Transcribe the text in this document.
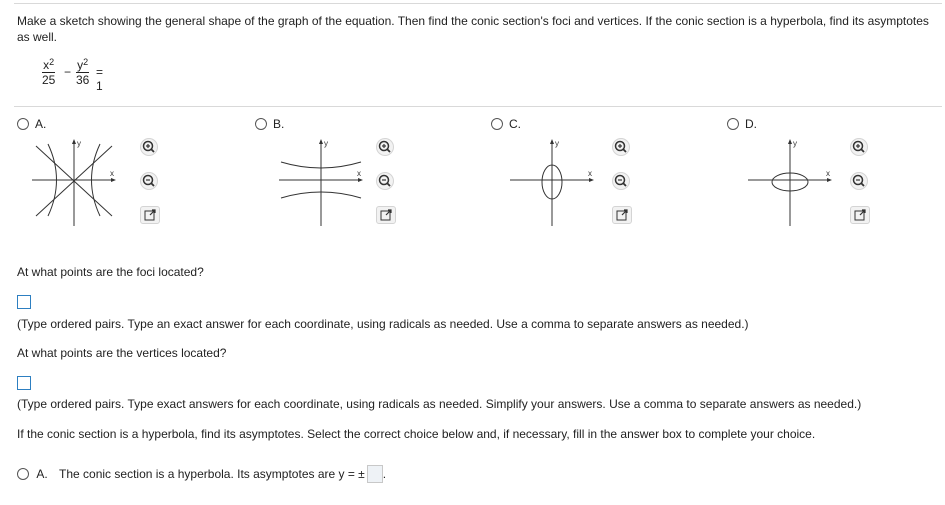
Make a sketch showing the general shape of the graph of the equation. Then find the conic section's foci and vertices. If the conic section is a hyperbola, find its asymptotes as well.
$\frac{x^2}{25} - \frac{y^2}{36} = 1$
A.
y
x
B.
y
x
C.
y
x
D.
y
x
At what points are the foci located?
(Type ordered pairs. Type an exact answer for each coordinate, using radicals as needed. Use a comma to separate answers as needed.)
At what points are the vertices located?
(Type ordered pairs. Type exact answers for each coordinate, using radicals as needed. Simplify your answers. Use a comma to separate answers as needed.)
If the conic section is a hyperbola, find its asymptotes. Select the correct choice below and, if necessary, fill in the answer box to complete your choice.
A. The conic section is a hyperbola. Its asymptotes are y = ± .
